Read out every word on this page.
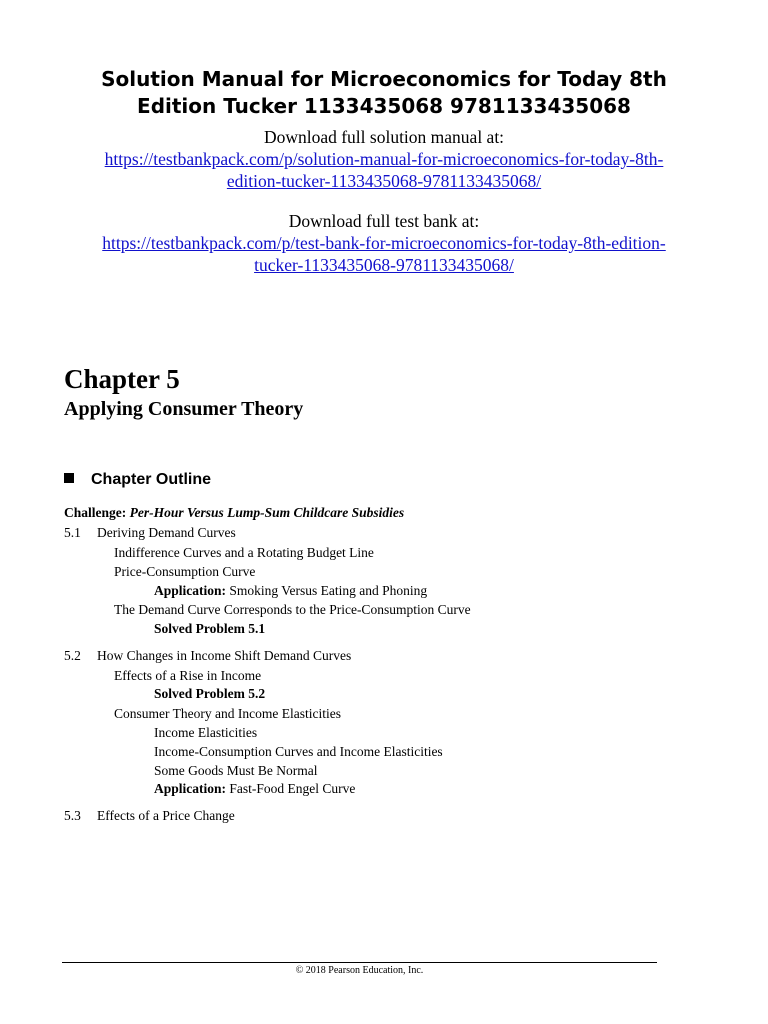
Solution Manual for Microeconomics for Today 8th
Edition Tucker 1133435068 9781133435068
Download full solution manual at:
https://testbankpack.com/p/solution-manual-for-microeconomics-for-today-8th-
edition-tucker-1133435068-9781133435068/
Download full test bank at:
https://testbankpack.com/p/test-bank-for-microeconomics-for-today-8th-edition-
tucker-1133435068-9781133435068/
Chapter 5
Applying Consumer Theory
Chapter Outline
Challenge: Per-Hour Versus Lump-Sum Childcare Subsidies
5.1 Deriving Demand Curves
Indifference Curves and a Rotating Budget Line
Price-Consumption Curve
Application: Smoking Versus Eating and Phoning
The Demand Curve Corresponds to the Price-Consumption Curve
Solved Problem 5.1
5.2 How Changes in Income Shift Demand Curves
Effects of a Rise in Income
Solved Problem 5.2
Consumer Theory and Income Elasticities
Income Elasticities
Income-Consumption Curves and Income Elasticities
Some Goods Must Be Normal
Application: Fast-Food Engel Curve
5.3 Effects of a Price Change
© 2018 Pearson Education, Inc.
